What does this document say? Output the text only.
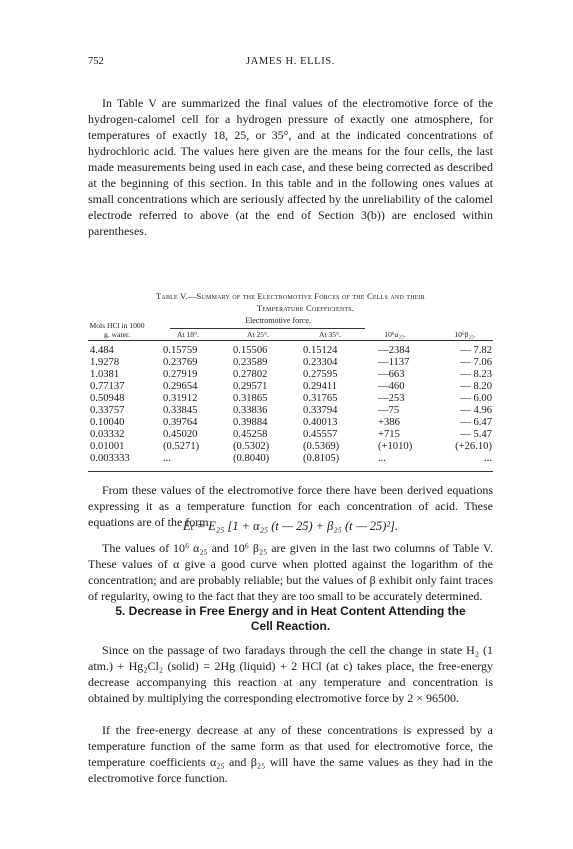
752	JAMES H. ELLIS.

In Table V are summarized the final values of the electromotive force of the hydrogen-calomel cell for a hydrogen pressure of exactly one atmosphere, for temperatures of exactly 18, 25, or 35°, and at the indicated concentrations of hydrochloric acid. The values here given are the means for the four cells, the last made measurements being used in each case, and these being corrected as described at the beginning of this section. In this table and in the following ones values at small concentrations which are seriously affected by the unreliability of the calomel electrode referred to above (at the end of Section 3(b)) are enclosed within parentheses.

Table V.—Summary of the Electromotive Forces of the Cells and their
Temperature Coefficients.
Electromotive force.
Mols HCl in 1000 g. water.	At 18°.	At 25°.	At 35°.	10⁶α₂₅.	10⁶β₂₅.
4.484	0.15759	0.15506	0.15124	—2384	— 7.82
1.9278	0.23769	0.23589	0.23304	—1137	— 7.06
1.0381	0.27919	0.27802	0.27595	—663	— 8.23
0.77137	0.29654	0.29571	0.29411	—460	— 8.20
0.50948	0.31912	0.31865	0.31765	—253	— 6.00
0.33757	0.33845	0.33836	0.33794	—75	— 4.96
0.10040	0.39764	0.39884	0.40013	+386	— 6.47
0.03332	0.45020	0.45258	0.45557	+715	— 5.47
0.01001	(0.5271)	(0.5302)	(0.5369)	(+1010)	(+26.10)
0.003333	...	(0.8040)	(0.8105)	...	...

From these values of the electromotive force there have been derived equations expressing it as a temperature function for each concentration of acid. These equations are of the form

Eₜ = E₂₅ [1 + α₂₅ (t — 25) + β₂₅ (t — 25)²].

The values of 10⁶ α₂₅ and 10⁶ β₂₅ are given in the last two columns of Table V. These values of α give a good curve when plotted against the logarithm of the concentration; and are probably reliable; but the values of β exhibit only faint traces of regularity, owing to the fact that they are too small to be accurately determined.

5. Decrease in Free Energy and in Heat Content Attending the
Cell Reaction.

Since on the passage of two faradays through the cell the change in state H₂ (1 atm.) + Hg₂Cl₂ (solid) = 2Hg (liquid) + 2 HCl (at c) takes place, the free-energy decrease accompanying this reaction at any temperature and concentration is obtained by multiplying the corresponding electromotive force by 2 × 96500.

If the free-energy decrease at any of these concentrations is expressed by a temperature function of the same form as that used for electromotive force, the temperature coefficients α₂₅ and β₂₅ will have the same values as they had in the electromotive force function.
